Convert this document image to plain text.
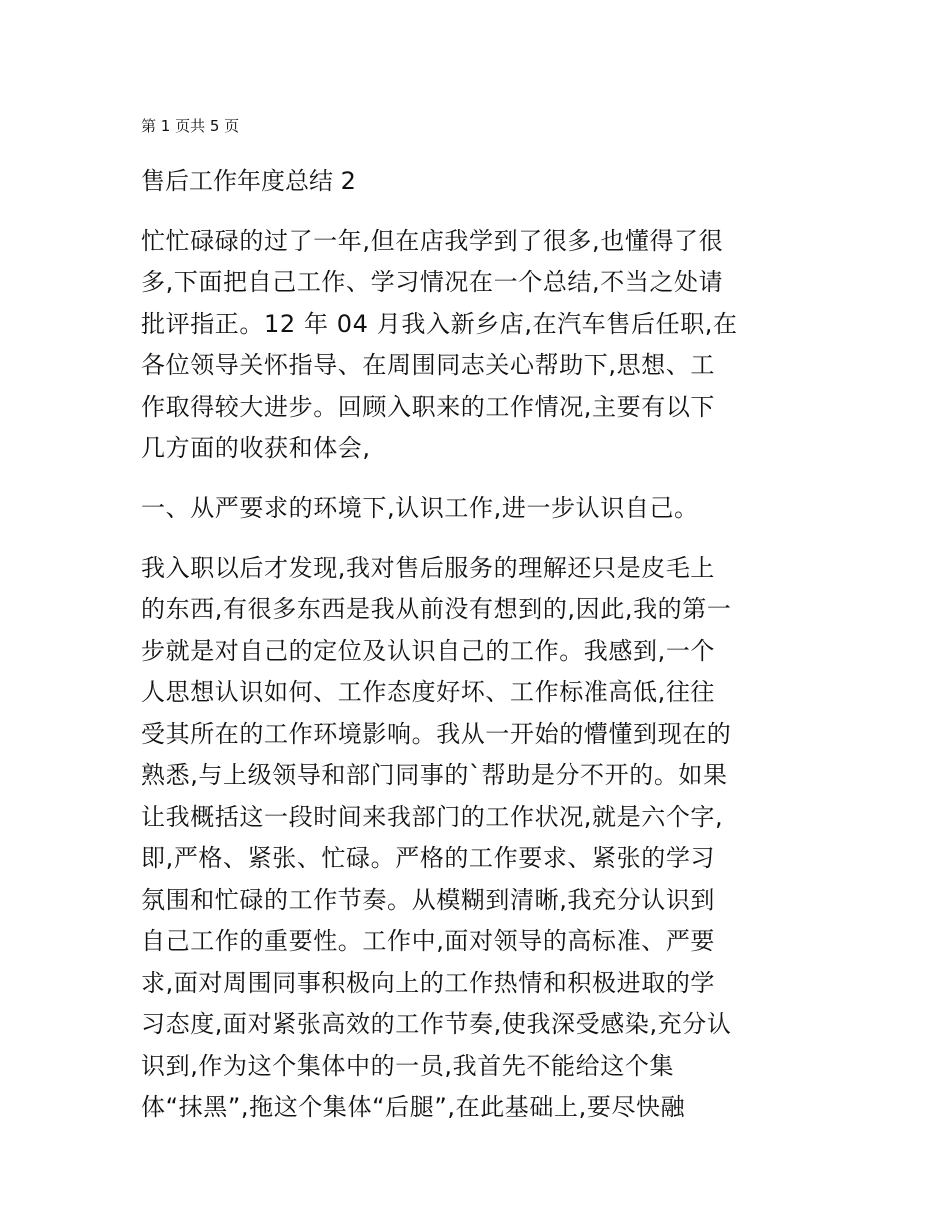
第 1 页共 5 页
售后工作年度总结 2
忙忙碌碌的过了一年,但在店我学到了很多,也懂得了很
多,下面把自己工作、学习情况在一个总结,不当之处请
批评指正。12 年 04 月我入新乡店,在汽车售后任职,在
各位领导关怀指导、在周围同志关心帮助下,思想、工
作取得较大进步。回顾入职来的工作情况,主要有以下
几方面的收获和体会,
一、从严要求的环境下,认识工作,进一步认识自己。
我入职以后才发现,我对售后服务的理解还只是皮毛上
的东西,有很多东西是我从前没有想到的,因此,我的第一
步就是对自己的定位及认识自己的工作。我感到,一个
人思想认识如何、工作态度好坏、工作标准高低,往往
受其所在的工作环境影响。我从一开始的懵懂到现在的
熟悉,与上级领导和部门同事的`帮助是分不开的。如果
让我概括这一段时间来我部门的工作状况,就是六个字,
即,严格、紧张、忙碌。严格的工作要求、紧张的学习
氛围和忙碌的工作节奏。从模糊到清晰,我充分认识到
自己工作的重要性。工作中,面对领导的高标准、严要
求,面对周围同事积极向上的工作热情和积极进取的学
习态度,面对紧张高效的工作节奏,使我深受感染,充分认
识到,作为这个集体中的一员,我首先不能给这个集
体“抹黑”,拖这个集体“后腿”,在此基础上,要尽快融
